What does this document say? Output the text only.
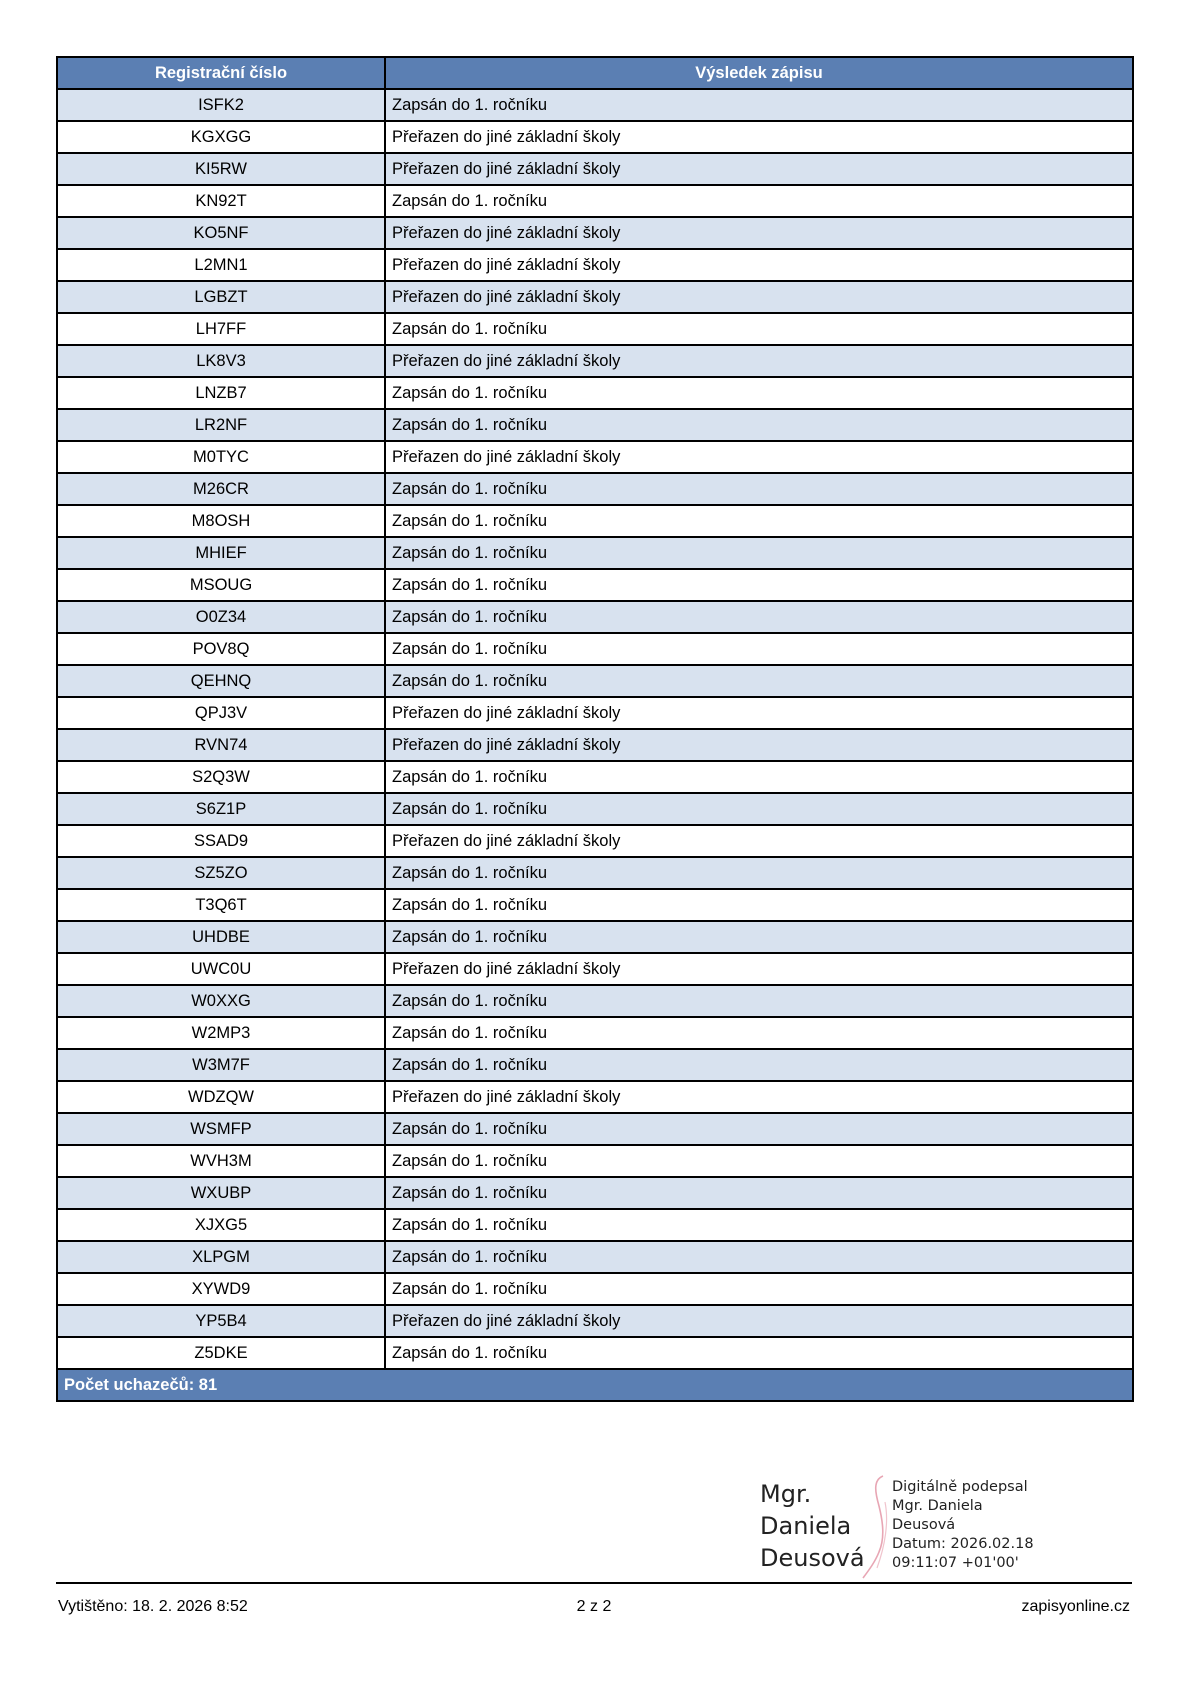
Registrační číslo	Výsledek zápisu
ISFK2	Zapsán do 1. ročníku
KGXGG	Přeřazen do jiné základní školy
KI5RW	Přeřazen do jiné základní školy
KN92T	Zapsán do 1. ročníku
KO5NF	Přeřazen do jiné základní školy
L2MN1	Přeřazen do jiné základní školy
LGBZT	Přeřazen do jiné základní školy
LH7FF	Zapsán do 1. ročníku
LK8V3	Přeřazen do jiné základní školy
LNZB7	Zapsán do 1. ročníku
LR2NF	Zapsán do 1. ročníku
M0TYC	Přeřazen do jiné základní školy
M26CR	Zapsán do 1. ročníku
M8OSH	Zapsán do 1. ročníku
MHIEF	Zapsán do 1. ročníku
MSOUG	Zapsán do 1. ročníku
O0Z34	Zapsán do 1. ročníku
POV8Q	Zapsán do 1. ročníku
QEHNQ	Zapsán do 1. ročníku
QPJ3V	Přeřazen do jiné základní školy
RVN74	Přeřazen do jiné základní školy
S2Q3W	Zapsán do 1. ročníku
S6Z1P	Zapsán do 1. ročníku
SSAD9	Přeřazen do jiné základní školy
SZ5ZO	Zapsán do 1. ročníku
T3Q6T	Zapsán do 1. ročníku
UHDBE	Zapsán do 1. ročníku
UWC0U	Přeřazen do jiné základní školy
W0XXG	Zapsán do 1. ročníku
W2MP3	Zapsán do 1. ročníku
W3M7F	Zapsán do 1. ročníku
WDZQW	Přeřazen do jiné základní školy
WSMFP	Zapsán do 1. ročníku
WVH3M	Zapsán do 1. ročníku
WXUBP	Zapsán do 1. ročníku
XJXG5	Zapsán do 1. ročníku
XLPGM	Zapsán do 1. ročníku
XYWD9	Zapsán do 1. ročníku
YP5B4	Přeřazen do jiné základní školy
Z5DKE	Zapsán do 1. ročníku
Počet uchazečů: 81	
Mgr.
Daniela
Deusová
Digitálně podepsal
Mgr. Daniela
Deusová
Datum: 2026.02.18
09:11:07 +01'00'
Vytištěno: 18. 2. 2026 8:52	2 z 2	zapisyonline.cz
